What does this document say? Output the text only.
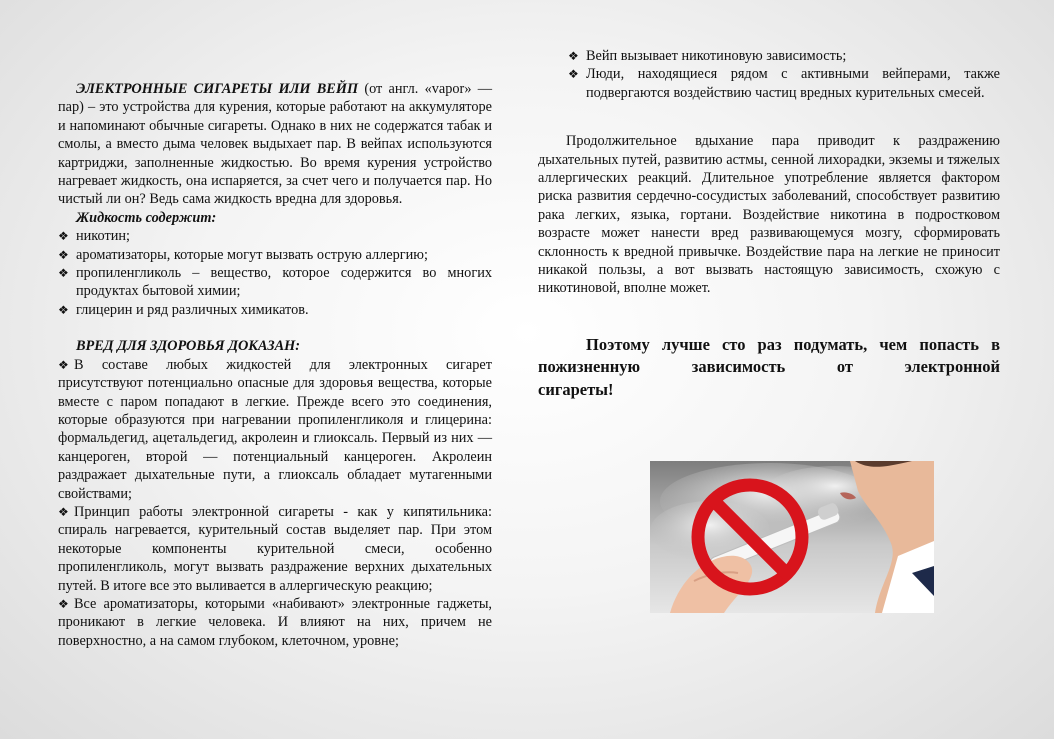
ЭЛЕКТРОННЫЕ СИГАРЕТЫ ИЛИ ВЕЙП (от англ. «vapor» — пар) – это устройства для курения, которые работают на аккумуляторе и напоминают обычные сигареты. Однако в них не содержатся табак и смолы, а вместо дыма человек выдыхает пар. В вейпах используются картриджи, заполненные жидкостью. Во время курения устройство нагревает жидкость, она испаряется, за счет чего и получается пар. Но чистый ли он? Ведь сама жидкость вредна для здоровья.

Жидкость содержит:

❖ никотин;
❖ ароматизаторы, которые могут вызвать острую аллергию;
❖ пропиленгликоль – вещество, которое содержится во многих продуктах бытовой химии;
❖ глицерин и ряд различных химикатов.

ВРЕД ДЛЯ ЗДОРОВЬЯ ДОКАЗАН:

❖ В составе любых жидкостей для электронных сигарет присутствуют потенциально опасные для здоровья вещества, которые вместе с паром попадают в легкие. Прежде всего это соединения, которые образуются при нагревании пропиленгликоля и глицерина: формальдегид, ацетальдегид, акролеин и глиоксаль. Первый из них — канцероген, второй — потенциальный канцероген. Акролеин раздражает дыхательные пути, а глиоксаль обладает мутагенными свойствами;
❖ Принцип работы электронной сигареты - как у кипятильника: спираль нагревается, курительный состав выделяет пар. При этом некоторые компоненты курительной смеси, особенно пропиленгликоль, могут вызвать раздражение верхних дыхательных путей. В итоге все это выливается в аллергическую реакцию;
❖ Все ароматизаторы, которыми «набивают» электронные гаджеты, проникают в легкие человека. И влияют на них, причем не поверхностно, а на самом глубоком, клеточном, уровне;
❖ Вейп вызывает никотиновую зависимость;
❖ Люди, находящиеся рядом с активными вейперами, также подвергаются воздействию частиц вредных курительных смесей.

Продолжительное вдыхание пара приводит к раздражению дыхательных путей, развитию астмы, сенной лихорадки, экземы и тяжелых аллергических реакций. Длительное употребление является фактором риска развития сердечно-сосудистых заболеваний, способствует развитию рака легких, языка, гортани. Воздействие никотина в подростковом возрасте может нанести вред развивающемуся мозгу, сформировать склонность к вредной привычке. Воздействие пара на легкие не приносит никакой пользы, а вот вызвать настоящую зависимость, схожую с никотиновой, вполне может.

Поэтому лучше сто раз подумать, чем попасть в пожизненную зависимость от электронной
сигареты!
